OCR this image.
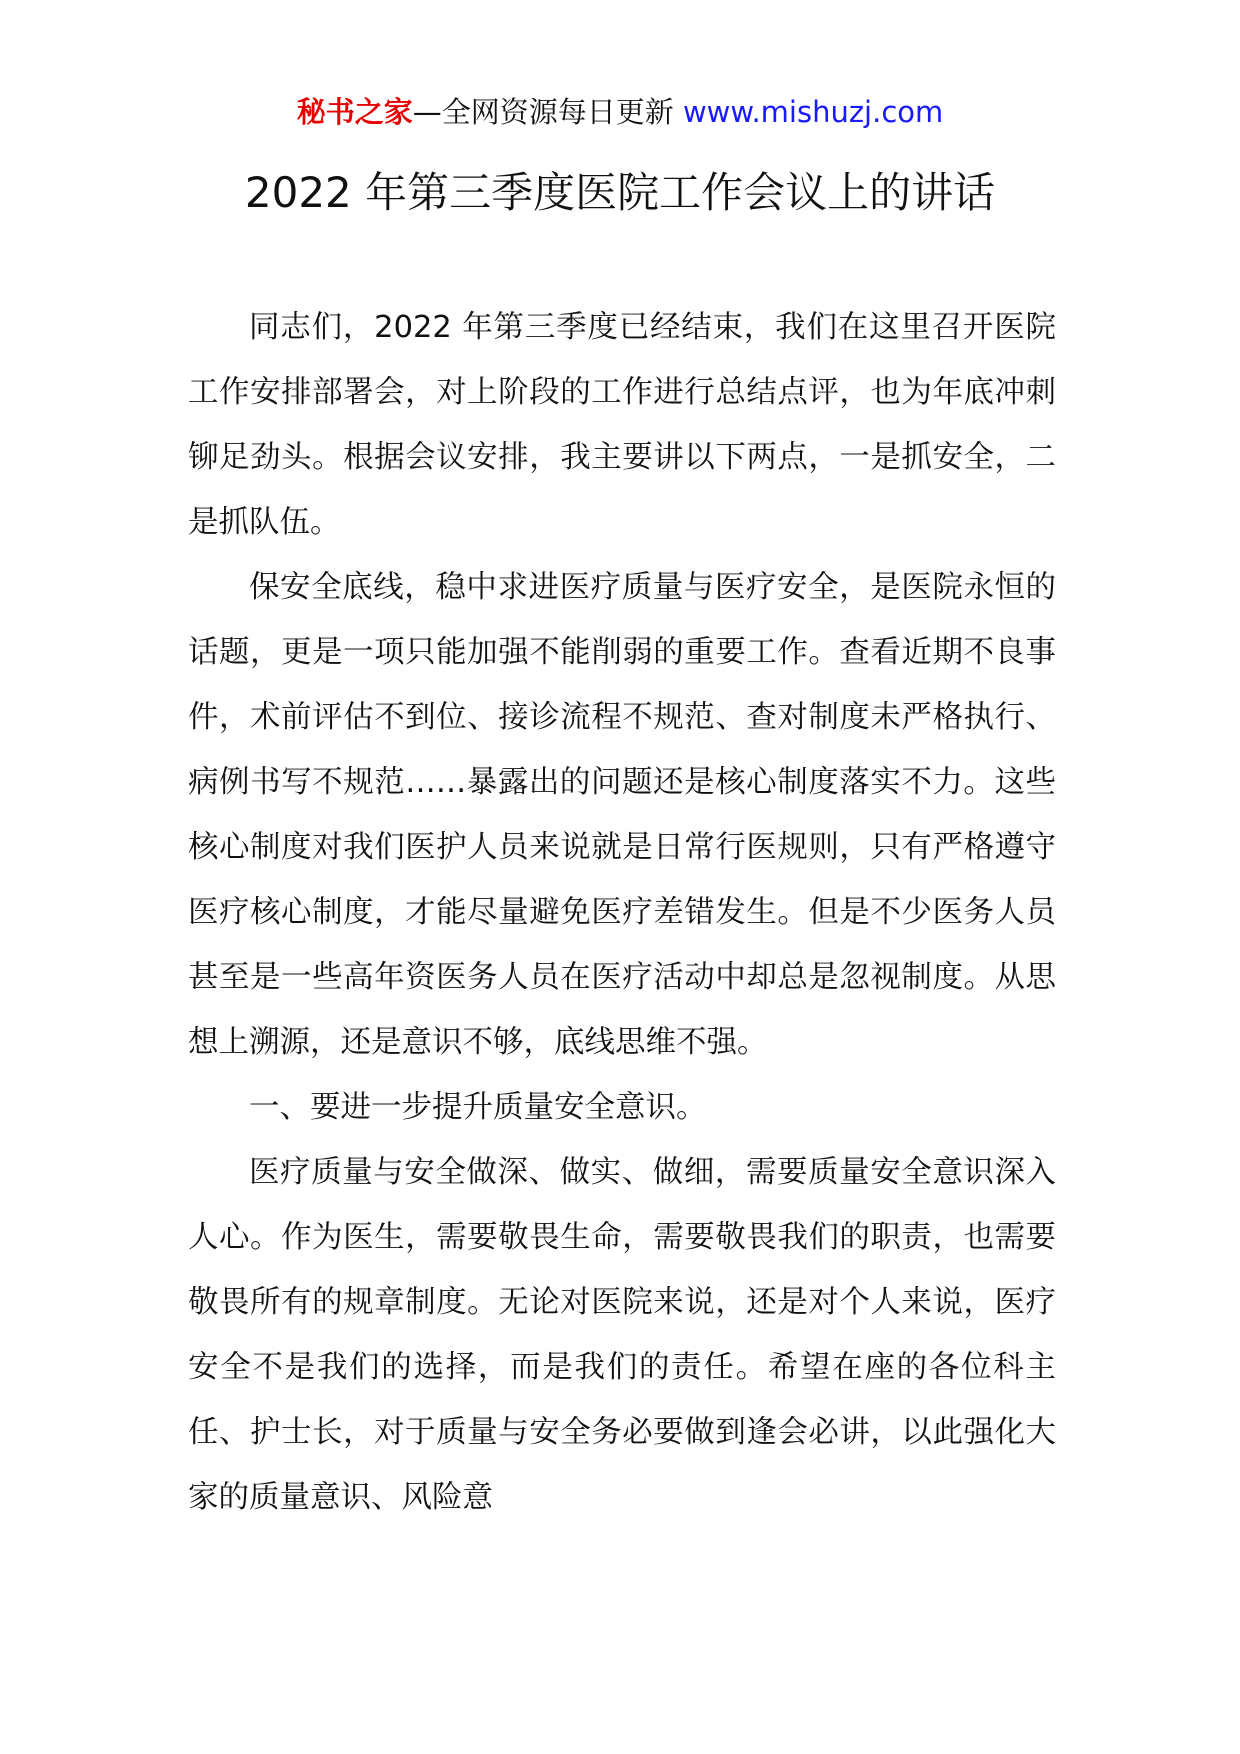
秘书之家—全网资源每日更新 www.mishuzj.com
2022 年第三季度医院工作会议上的讲话

同志们，2022 年第三季度已经结束，我们在这里召开医院工作安排部署会，对上阶段的工作进行总结点评，也为年底冲刺铆足劲头。根据会议安排，我主要讲以下两点，一是抓安全，二是抓队伍。

保安全底线，稳中求进医疗质量与医疗安全，是医院永恒的话题，更是一项只能加强不能削弱的重要工作。查看近期不良事件，术前评估不到位、接诊流程不规范、查对制度未严格执行、病例书写不规范……暴露出的问题还是核心制度落实不力。这些核心制度对我们医护人员来说就是日常行医规则，只有严格遵守医疗核心制度，才能尽量避免医疗差错发生。但是不少医务人员甚至是一些高年资医务人员在医疗活动中却总是忽视制度。从思想上溯源，还是意识不够，底线思维不强。

一、要进一步提升质量安全意识。

医疗质量与安全做深、做实、做细，需要质量安全意识深入人心。作为医生，需要敬畏生命，需要敬畏我们的职责，也需要敬畏所有的规章制度。无论对医院来说，还是对个人来说，医疗安全不是我们的选择，而是我们的责任。希望在座的各位科主任、护士长，对于质量与安全务必要做到逢会必讲，以此强化大家的质量意识、风险意
